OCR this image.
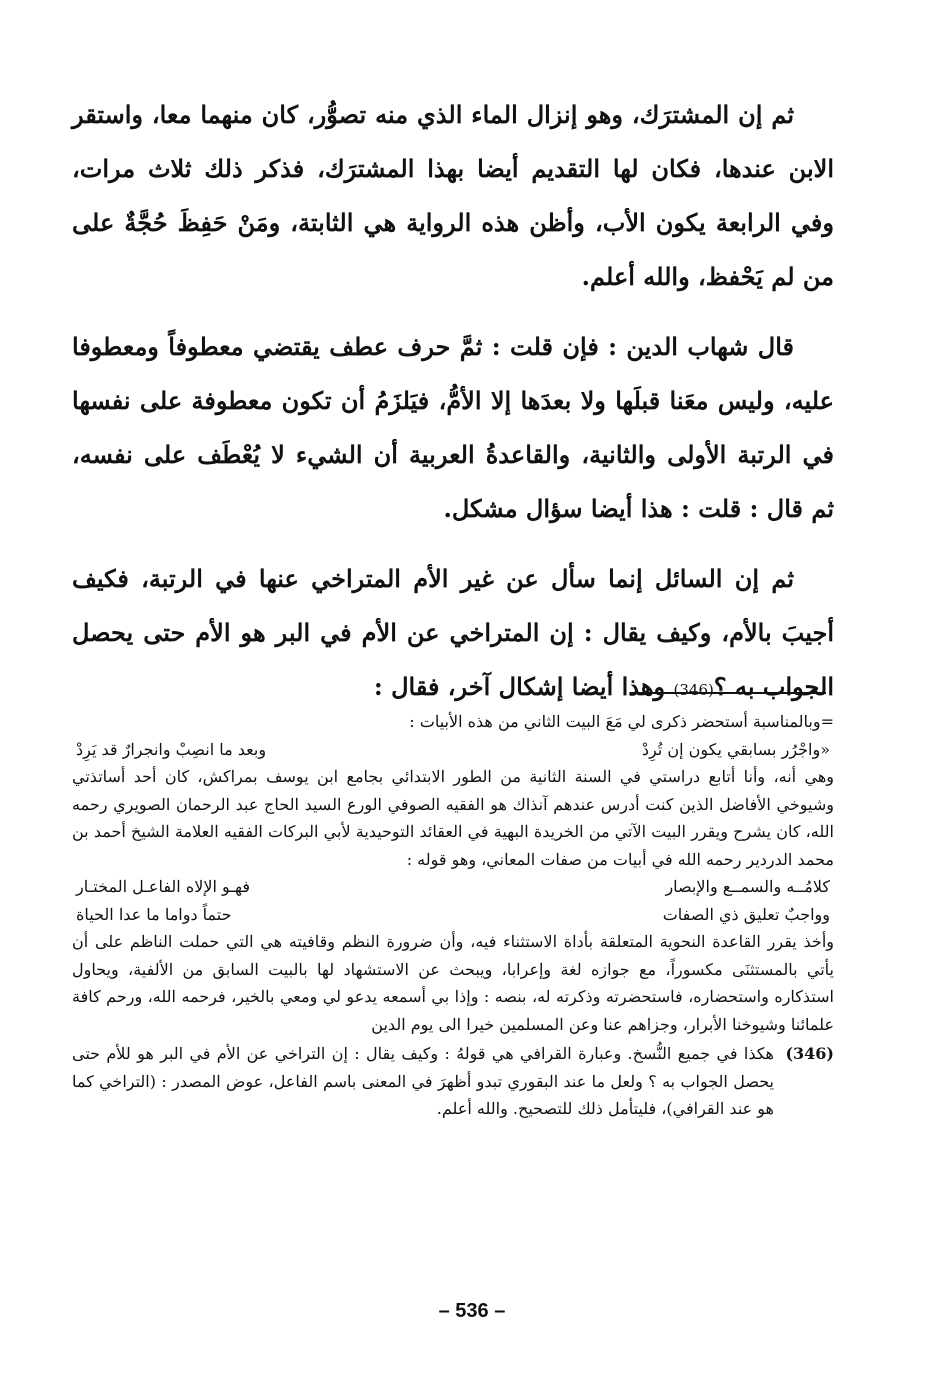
ثم إن المشترَك، وهو إنزال الماء الذي منه تصوُّر، كان منهما معا، واستقر الابن عندها، فكان لها التقديم أيضا بهذا المشترَك، فذكر ذلك ثلاث مرات، وفي الرابعة يكون الأب، وأظن هذه الرواية هي الثابتة، ومَنْ حَفِظَ حُجَّةٌ على من لم يَحْفظ، والله أعلم.

قال شهاب الدين : فإن قلت : ثمَّ حرف عطف يقتضي معطوفاً ومعطوفا عليه، وليس معَنا قبلَها ولا بعدَها إلا الأمُّ، فيَلزَمُ أن تكون معطوفة على نفسها في الرتبة الأولى والثانية، والقاعدةُ العربية أن الشيء لا يُعْطَف على نفسه، ثم قال : قلت : هذا أيضا سؤال مشكل.

ثم إن السائل إنما سأل عن غير الأم المتراخي عنها في الرتبة، فكيف أجيبَ بالأم، وكيف يقال : إن المتراخي عن الأم في البر هو الأم حتى يحصل الجواب به ؟(346) وهذا أيضا إشكال آخر، فقال :

=وبالمناسبة أستحضر ذكرى لي مَعَ البيت الثاني من هذه الأبيات :

«واجْرُر بسابقي يكون إن تُرِدْ
وبعد ما انصِبْ وانجرارٌ قد يَرِدْ

وهي أنه، وأنا أتابع دراستي في السنة الثانية من الطور الابتدائي بجامع ابن يوسف بمراكش، كان أحد أساتذتي وشيوخي الأفاضل الذين كنت أدرس عندهم آنذاك هو الفقيه الصوفي الورع السيد الحاج عبد الرحمان الصويري رحمه الله، كان يشرح ويقرر البيت الآتي من الخريدة البهية في العقائد التوحيدية لأبي البركات الفقيه العلامة الشيخ أحمد بن محمد الدردير رحمه الله في أبيات من صفات المعاني، وهو قوله :

كلامُــه والسمــع والإبصار
فهـو الإلاه الفاعـل المختـار
وواجبٌ تعليق ذي الصفات
حتماً دواما ما عدا الحياة

وأخذ يقرر القاعدة النحوية المتعلقة بأداة الاستثناء فيه، وأن ضرورة النظم وقافيته هي التي حملت الناظم على أن يأتي بالمستثنَى مكسوراً، مع جوازه لغة وإعرابا، ويبحث عن الاستشهاد لها بالبيت السابق من الألفية، ويحاول استذكاره واستحضاره، فاستحضرته وذكرته له، بنصه : وإذا بي أسمعه يدعو لي ومعي بالخير، فرحمه الله، ورحم كافة علمائنا وشيوخنا الأبرار، وجزاهم عنا وعن المسلمين خيرا الى يوم الدين

(346)
هكذا في جميع النُّسخ. وعبارة القرافي هي قولهُ : وكيف يقال : إن التراخي عن الأم في البر هو للأم حتى يحصل الجواب به ؟ ولعل ما عند البقوري تبدو أظهرَ في المعنى باسم الفاعل، عوض المصدر : (التراخي كما هو عند القرافي)، فليتأمل ذلك للتصحيح. والله أعلم.
– 536 –
